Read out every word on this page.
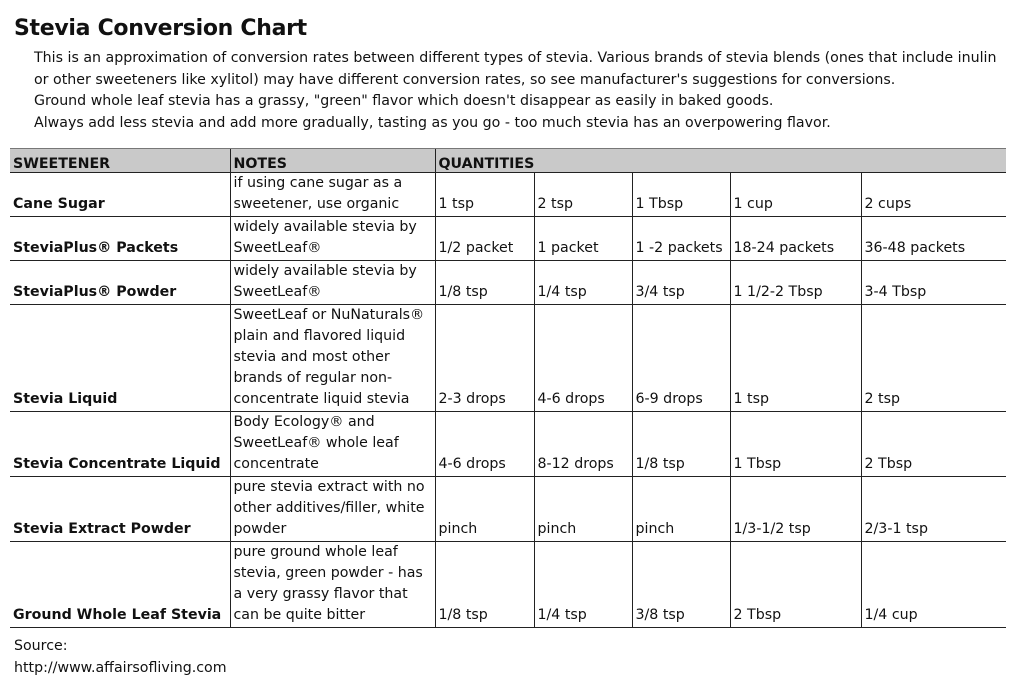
Stevia Conversion Chart

This is an approximation of conversion rates between different types of stevia. Various brands of stevia blends (ones that include inulin or other sweeteners like xylitol) may have different conversion rates, so see manufacturer's suggestions for conversions.

Ground whole leaf stevia has a grassy, "green" flavor which doesn't disappear as easily in baked goods.

Always add less stevia and add more gradually, tasting as you go - too much stevia has an overpowering flavor.

SWEETENER	NOTES	QUANTITIES				
Cane Sugar	if using cane sugar as a sweetener, use organic	1 tsp	2 tsp	1 Tbsp	1 cup	2 cups
SteviaPlus® Packets	widely available stevia by SweetLeaf®	1/2 packet	1 packet	1 -2 packets	18-24 packets	36-48 packets
SteviaPlus® Powder	widely available stevia by SweetLeaf®	1/8 tsp	1/4 tsp	3/4 tsp	1 1/2-2 Tbsp	3-4 Tbsp
Stevia Liquid	SweetLeaf or NuNaturals® plain and flavored liquid stevia and most other brands of regular non-concentrate liquid stevia	2-3 drops	4-6 drops	6-9 drops	1 tsp	2 tsp
Stevia Concentrate Liquid	Body Ecology® and SweetLeaf® whole leaf concentrate	4-6 drops	8-12 drops	1/8 tsp	1 Tbsp	2 Tbsp
Stevia Extract Powder	pure stevia extract with no other additives/filler, white powder	pinch	pinch	pinch	1/3-1/2 tsp	2/3-1 tsp
Ground Whole Leaf Stevia	pure ground whole leaf stevia, green powder - has a very grassy flavor that can be quite bitter	1/8 tsp	1/4 tsp	3/8 tsp	2 Tbsp	1/4 cup
Source:
http://www.affairsofliving.com
